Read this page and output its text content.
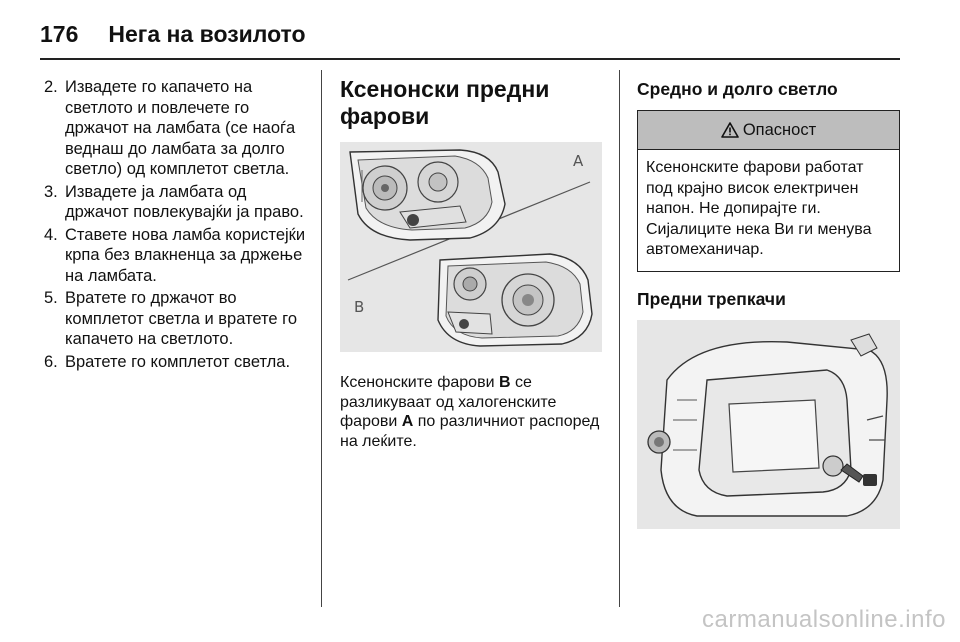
176 Нега на возилото
2. Извадете го капачето на светлото и повлечете го држачот на ламбата (се наоѓа веднаш до ламбата за долго светло) од комплетот светла.
3. Извадете ја ламбата од држачот повлекувајќи ја право.
4. Ставете нова ламба користејќи крпа без влакненца за држење на ламбата.
5. Вратете го држачот во комплетот светла и вратете го капачето на светлото.
6. Вратете го комплетот светла.
Ксенонски предни фарови
A
B
Ксенонските фарови B се разликуваат од халогенските фарови A по различниот распоред на леќите.
Средно и долго светло
Опасност
Ксенонските фарови работат под крајно висок електричен напон. Не допирајте ги. Сијалиците нека Ви ги менува автомеханичар.
Предни трепкачи
carmanualsonline.info
